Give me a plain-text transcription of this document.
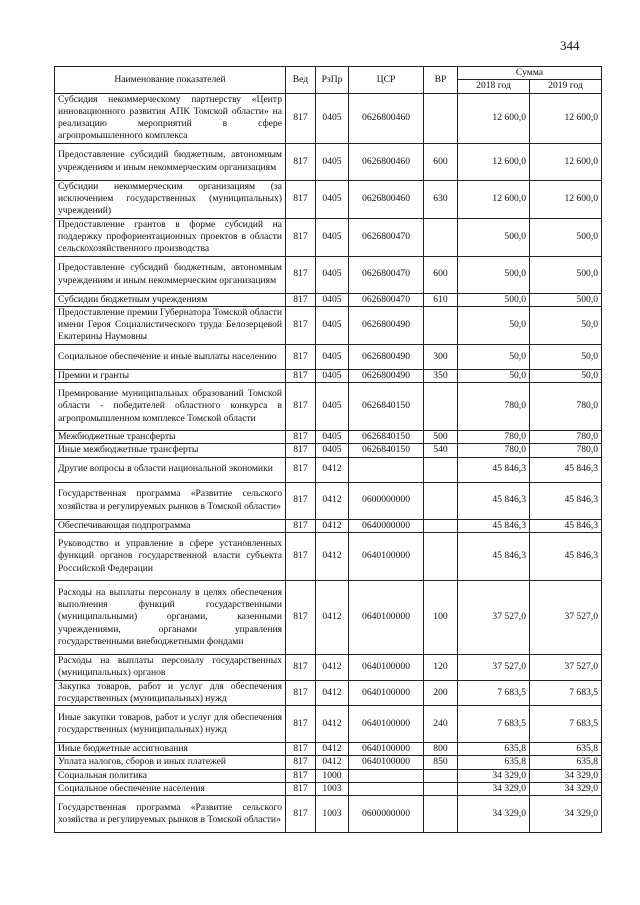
344
Наименование показателей	Вед	РзПр	ЦСР	ВР	Сумма	
					2018 год	2019 год
Субсидия некоммерческому партнерству «Центр инновационного развития АПК Томской области» на реализацию мероприятий в сфере агропромышленного комплекса	817	0405	0626800460		12 600,0	12 600,0
Предоставление субсидий бюджетным, автономным учреждениям и иным некоммерческим организациям	817	0405	0626800460	600	12 600,0	12 600,0
Субсидии некоммерческим организациям (за исключением государственных (муниципальных) учреждений)	817	0405	0626800460	630	12 600,0	12 600,0
Предоставление грантов в форме субсидий на поддержку профориентационных проектов в области сельскохозяйственного производства	817	0405	0626800470		500,0	500,0
Предоставление субсидий бюджетным, автономным учреждениям и иным некоммерческим организациям	817	0405	0626800470	600	500,0	500,0
Субсидии бюджетным учреждениям	817	0405	0626800470	610	500,0	500,0
Предоставление премии Губернатора Томской области имени Героя Социалистического труда Белозерцевой Екатерины Наумовны	817	0405	0626800490		50,0	50,0
Социальное обеспечение и иные выплаты населению	817	0405	0626800490	300	50,0	50,0
Премии и гранты	817	0405	0626800490	350	50,0	50,0
Премирование муниципальных образований Томской области - победителей областного конкурса в агропромышленном комплексе Томской области	817	0405	0626840150		780,0	780,0
Межбюджетные трансферты	817	0405	0626840150	500	780,0	780,0
Иные межбюджетные трансферты	817	0405	0626840150	540	780,0	780,0
Другие вопросы в области национальной экономики	817	0412			45 846,3	45 846,3
Государственная программа «Развитие сельского хозяйства и регулируемых рынков в Томской области»	817	0412	0600000000		45 846,3	45 846,3
Обеспечивающая подпрограмма	817	0412	0640000000		45 846,3	45 846,3
Руководство и управление в сфере установленных функций органов государственной власти субъекта Российской Федерации	817	0412	0640100000		45 846,3	45 846,3
Расходы на выплаты персоналу в целях обеспечения выполнения функций государственными (муниципальными) органами, казенными учреждениями, органами управления государственными внебюджетными фондами	817	0412	0640100000	100	37 527,0	37 527,0
Расходы на выплаты персоналу государственных (муниципальных) органов	817	0412	0640100000	120	37 527,0	37 527,0
Закупка товаров, работ и услуг для обеспечения государственных (муниципальных) нужд	817	0412	0640100000	200	7 683,5	7 683,5
Иные закупки товаров, работ и услуг для обеспечения государственных (муниципальных) нужд	817	0412	0640100000	240	7 683,5	7 683,5
Иные бюджетные ассигнования	817	0412	0640100000	800	635,8	635,8
Уплата налогов, сборов и иных платежей	817	0412	0640100000	850	635,8	635,8
Социальная политика	817	1000			34 329,0	34 329,0
Социальное обеспечение населения	817	1003			34 329,0	34 329,0
Государственная программа «Развитие сельского хозяйства и регулируемых рынков в Томской области»	817	1003	0600000000		34 329,0	34 329,0
